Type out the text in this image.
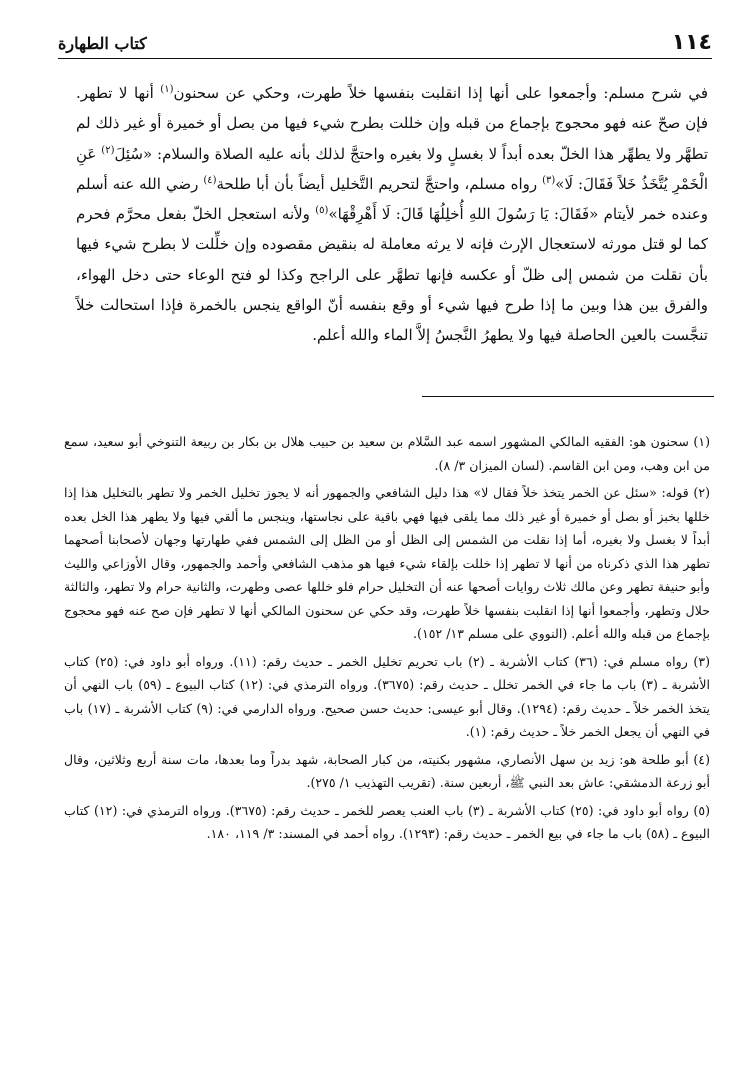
كتاب الطهارة	١١٤

في شرح مسلم: وأجمعوا على أنها إذا انقلبت بنفسها خلاً طهرت، وحكي عن سحنون$^{(١)}$ أنها لا تطهر. فإن صحّ عنه فهو محجوج بإجماع من قبله وإن خللت بطرح شيء فيها من بصل أو خميرة أو غير ذلك لم تطهَّر ولا يطهِّر هذا الخلّ بعده أبداً لا بغسلٍ ولا بغيره واحتجَّ لذلك بأنه عليه الصلاة والسلام: «سُئِلَ$^{(٢)}$ عَنِ الْخَمْرِ يُتَّخَذُ خَلاً فَقَالَ: لَا»$^{(٣)}$ رواه مسلم، واحتجَّ لتحريم التَّخليل أيضاً بأن أبا طلحة$^{(٤)}$ رضي الله عنه أسلم وعنده خمر لأيتام «فَقَالَ: يَا رَسُولَ اللهِ أُخلِلُهَا قَالَ: لَا أَهْرِقْهَا»$^{(٥)}$ ولأنه استعجل الخلّ بفعل محرَّم فحرم كما لو قتل مورثه لاستعجال الإرث فإنه لا يرثه معاملة له بنقيض مقصوده وإن خلِّلت لا بطرح شيء فيها بأن نقلت من شمس إلى ظلّ أو عكسه فإنها تطهَّر على الراجح وكذا لو فتح الوعاء حتى دخل الهواء، والفرق بين هذا وبين ما إذا طرح فيها شيء أو وقع بنفسه أنّ الواقع ينجس بالخمرة فإذا استحالت خلاً تنجَّست بالعين الحاصلة فيها ولا يطهرُ النَّجسُ إلاَّ الماء والله أعلم.

(١) سحنون هو: الفقيه المالكي المشهور اسمه عبد السَّلام بن سعيد بن حبيب هلال بن بكار بن ربيعة التنوخي أبو سعيد، سمع من ابن وهب، ومن ابن القاسم. (لسان الميزان ٣/ ٨).

(٢) قوله: «سئل عن الخمر يتخذ خلاً فقال لا» هذا دليل الشافعي والجمهور أنه لا يجوز تخليل الخمر ولا تطهر بالتخليل هذا إذا خللها بخبز أو بصل أو خميرة أو غير ذلك مما يلقى فيها فهي باقية على نجاستها، وينجس ما ألقي فيها ولا يطهر هذا الخل بعده أبداً لا بغسل ولا بغيره، أما إذا نقلت من الشمس إلى الظل أو من الظل إلى الشمس ففي طهارتها وجهان لأصحابنا أصحهما تطهر هذا الذي ذكرناه من أنها لا تطهر إذا خللت بإلقاء شيء فيها هو مذهب الشافعي وأحمد والجمهور، وقال الأوزاعي والليث وأبو حنيفة تطهر وعن مالك ثلاث روايات أصحها عنه أن التخليل حرام فلو خللها عصى وطهرت، والثانية حرام ولا تطهر، والثالثة حلال وتطهر، وأجمعوا أنها إذا انقلبت بنفسها خلاً طهرت، وقد حكي عن سحنون المالكي أنها لا تطهر فإن صح عنه فهو محجوج بإجماع من قبله والله أعلم. (النووي على مسلم ١٣/ ١٥٢).

(٣) رواه مسلم في: (٣٦) كتاب الأشربة ـ (٢) باب تحريم تخليل الخمر ـ حديث رقم: (١١). ورواه أبو داود في: (٢٥) كتاب الأشربة ـ (٣) باب ما جاء في الخمر تخلل ـ حديث رقم: (٣٦٧٥). ورواه الترمذي في: (١٢) كتاب البيوع ـ (٥٩) باب النهي أن يتخذ الخمر خلاً ـ حديث رقم: (١٢٩٤). وقال أبو عيسى: حديث حسن صحيح. ورواه الدارمي في: (٩) كتاب الأشربة ـ (١٧) باب في النهي أن يجعل الخمر خلاً ـ حديث رقم: (١).

(٤) أبو طلحة هو: زيد بن سهل الأنصاري، مشهور بكنيته، من كبار الصحابة، شهد بدراً وما بعدها، مات سنة أربع وثلاثين، وقال أبو زرعة الدمشقي: عاش بعد النبي ﷺ، أربعين سنة. (تقريب التهذيب ١/ ٢٧٥).

(٥) رواه أبو داود في: (٢٥) كتاب الأشربة ـ (٣) باب العنب يعصر للخمر ـ حديث رقم: (٣٦٧٥). ورواه الترمذي في: (١٢) كتاب البيوع ـ (٥٨) باب ما جاء في بيع الخمر ـ حديث رقم: (١٢٩٣). رواه أحمد في المسند: ٣/ ١١٩، ١٨٠.
